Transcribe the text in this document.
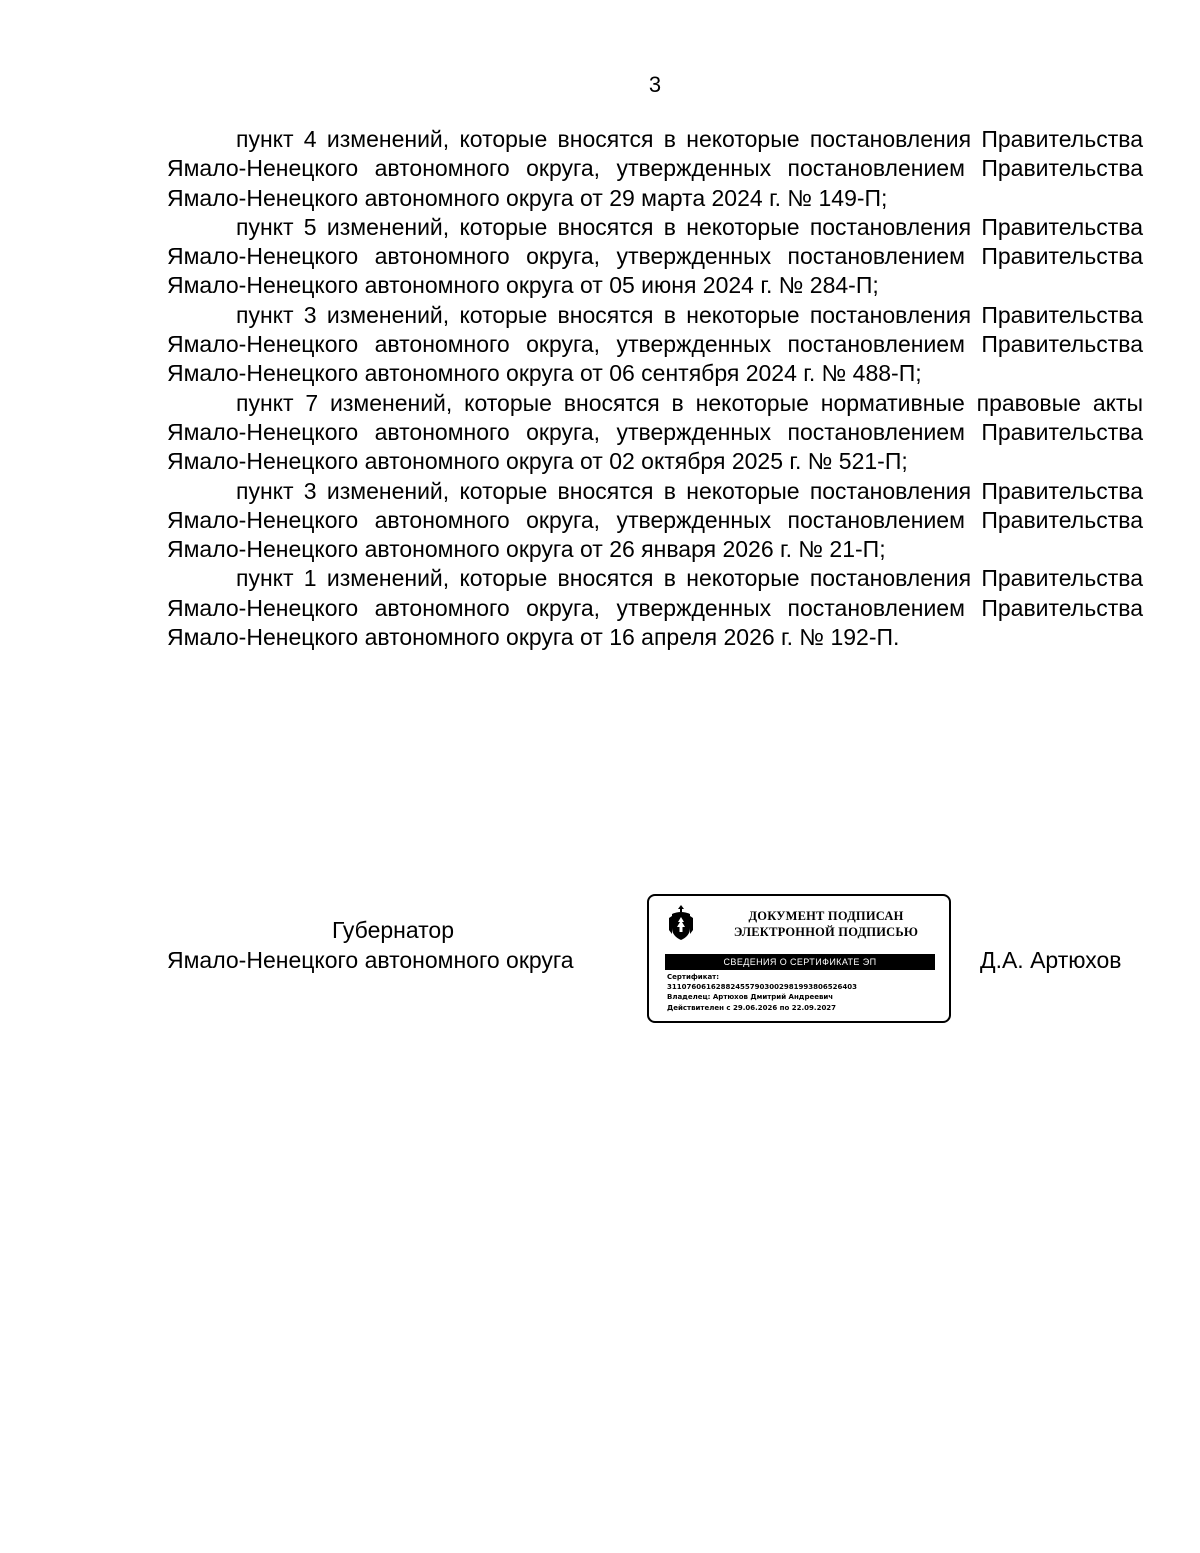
3

пункт 4 изменений, которые вносятся в некоторые постановления Правительства Ямало-Ненецкого автономного округа, утвержденных постановлением Правительства Ямало-Ненецкого автономного округа от 29 марта 2024 г. № 149-П;

пункт 5 изменений, которые вносятся в некоторые постановления Правительства Ямало-Ненецкого автономного округа, утвержденных постановлением Правительства Ямало-Ненецкого автономного округа от 05 июня 2024 г. № 284-П;

пункт 3 изменений, которые вносятся в некоторые постановления Правительства Ямало-Ненецкого автономного округа, утвержденных постановлением Правительства Ямало-Ненецкого автономного округа от 06 сентября 2024 г. № 488-П;

пункт 7 изменений, которые вносятся в некоторые нормативные правовые акты Ямало-Ненецкого автономного округа, утвержденных постановлением Правительства Ямало-Ненецкого автономного округа от 02 октября 2025 г. № 521-П;

пункт 3 изменений, которые вносятся в некоторые постановления Правительства Ямало-Ненецкого автономного округа, утвержденных постановлением Правительства Ямало-Ненецкого автономного округа от 26 января 2026 г. № 21-П;

пункт 1 изменений, которые вносятся в некоторые постановления Правительства Ямало-Ненецкого автономного округа, утвержденных постановлением Правительства Ямало-Ненецкого автономного округа от 16 апреля 2026 г. № 192-П.

Губернатор
Ямало-Ненецкого автономного округа
ДОКУМЕНТ ПОДПИСАН
ЭЛЕКТРОННОЙ ПОДПИСЬЮ
СВЕДЕНИЯ О СЕРТИФИКАТЕ ЭП
Сертификат:
311076061628824557903002981993806526403
Владелец: Артюхов Дмитрий Андреевич
Действителен с 29.06.2026 по 22.09.2027
Д.А. Артюхов
